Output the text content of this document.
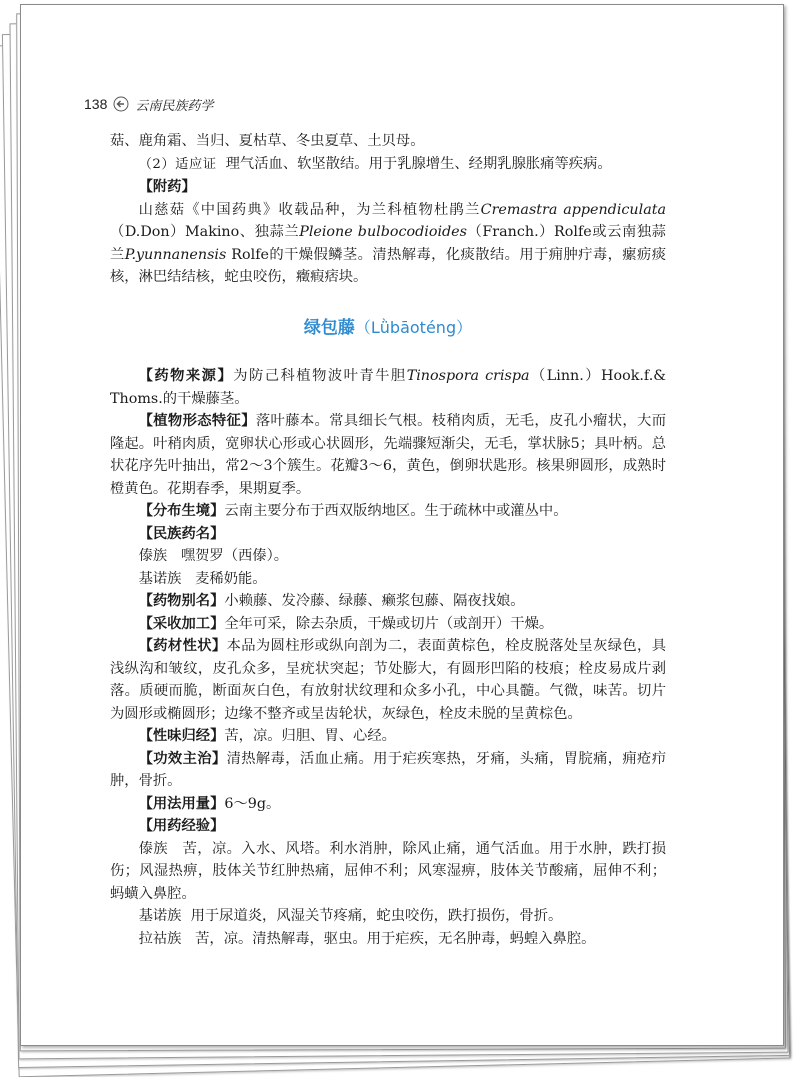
138 云南民族药学

菇、鹿角霜、当归、夏枯草、冬虫夏草、土贝母。

（2）适应证 理气活血、软坚散结。用于乳腺增生、经期乳腺胀痛等疾病。

【附药】

山慈菇《中国药典》收载品种，为兰科植物杜鹃兰Cremastra appendiculata（D.Don）Makino、独蒜兰Pleione bulbocodioides（Franch.）Rolfe或云南独蒜兰P.yunnanensis Rolfe的干燥假鳞茎。清热解毒，化痰散结。用于痈肿疔毒，瘰疬痰核，淋巴结结核，蛇虫咬伤，癥瘕痞块。

绿包藤（Lǜbāoténg）

【药物来源】为防己科植物波叶青牛胆Tinospora crispa（Linn.）Hook.f.& Thoms.的干燥藤茎。

【植物形态特征】落叶藤本。常具细长气根。枝稍肉质，无毛，皮孔小瘤状，大而隆起。叶稍肉质，宽卵状心形或心状圆形，先端骤短渐尖，无毛，掌状脉5；具叶柄。总状花序先叶抽出，常2～3个簇生。花瓣3～6，黄色，倒卵状匙形。核果卵圆形，成熟时橙黄色。花期春季，果期夏季。

【分布生境】云南主要分布于西双版纳地区。生于疏林中或灌丛中。

【民族药名】

傣族 嘿贺罗（西傣）。

基诺族 麦稀奶能。

【药物别名】小赖藤、发冷藤、绿藤、癞浆包藤、隔夜找娘。

【采收加工】全年可采，除去杂质，干燥或切片（或剖开）干燥。

【药材性状】本品为圆柱形或纵向剖为二，表面黄棕色，栓皮脱落处呈灰绿色，具浅纵沟和皱纹，皮孔众多，呈疣状突起；节处膨大，有圆形凹陷的枝痕；栓皮易成片剥落。质硬而脆，断面灰白色，有放射状纹理和众多小孔，中心具髓。气微，味苦。切片为圆形或椭圆形；边缘不整齐或呈齿轮状，灰绿色，栓皮未脱的呈黄棕色。

【性味归经】苦，凉。归胆、胃、心经。

【功效主治】清热解毒，活血止痛。用于疟疾寒热，牙痛，头痛，胃脘痛，痈疮疖肿，骨折。

【用法用量】6～9g。

【用药经验】

傣族 苦，凉。入水、风塔。利水消肿，除风止痛，通气活血。用于水肿，跌打损伤；风湿热痹，肢体关节红肿热痛，屈伸不利；风寒湿痹，肢体关节酸痛，屈伸不利；蚂蟥入鼻腔。

基诺族 用于尿道炎，风湿关节疼痛，蛇虫咬伤，跌打损伤，骨折。

拉祜族 苦，凉。清热解毒，驱虫。用于疟疾，无名肿毒，蚂蝗入鼻腔。
